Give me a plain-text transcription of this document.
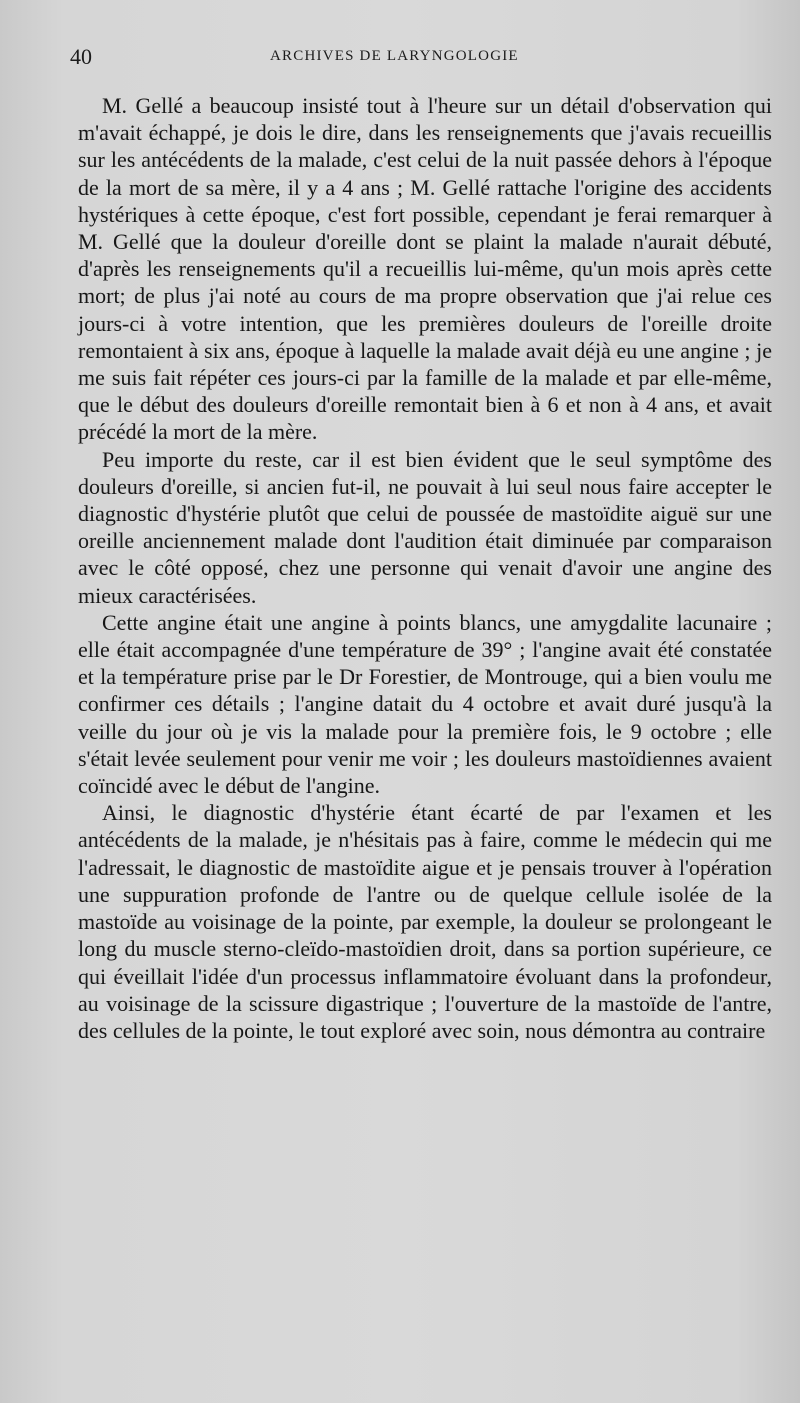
40	ARCHIVES DE LARYNGOLOGIE

M. Gellé a beaucoup insisté tout à l'heure sur un détail d'observation qui m'avait échappé, je dois le dire, dans les renseignements que j'avais recueillis sur les antécédents de la malade, c'est celui de la nuit passée dehors à l'époque de la mort de sa mère, il y a 4 ans ; M. Gellé rattache l'origine des accidents hystériques à cette époque, c'est fort possible, cependant je ferai remarquer à M. Gellé que la douleur d'oreille dont se plaint la malade n'aurait débuté, d'après les renseignements qu'il a recueillis lui-même, qu'un mois après cette mort; de plus j'ai noté au cours de ma propre observation que j'ai relue ces jours-ci à votre intention, que les premières douleurs de l'oreille droite remontaient à six ans, époque à laquelle la malade avait déjà eu une angine ; je me suis fait répéter ces jours-ci par la famille de la malade et par elle-même, que le début des douleurs d'oreille remontait bien à 6 et non à 4 ans, et avait précédé la mort de la mère.

Peu importe du reste, car il est bien évident que le seul symptôme des douleurs d'oreille, si ancien fut-il, ne pouvait à lui seul nous faire accepter le diagnostic d'hystérie plutôt que celui de poussée de mastoïdite aiguë sur une oreille anciennement malade dont l'audition était diminuée par comparaison avec le côté opposé, chez une personne qui venait d'avoir une angine des mieux caractérisées.

Cette angine était une angine à points blancs, une amygdalite lacunaire ; elle était accompagnée d'une température de 39° ; l'angine avait été constatée et la température prise par le Dr Forestier, de Montrouge, qui a bien voulu me confirmer ces détails ; l'angine datait du 4 octobre et avait duré jusqu'à la veille du jour où je vis la malade pour la première fois, le 9 octobre ; elle s'était levée seulement pour venir me voir ; les douleurs mastoïdiennes avaient coïncidé avec le début de l'angine.

Ainsi, le diagnostic d'hystérie étant écarté de par l'examen et les antécédents de la malade, je n'hésitais pas à faire, comme le médecin qui me l'adressait, le diagnostic de mastoïdite aigue et je pensais trouver à l'opération une suppuration profonde de l'antre ou de quelque cellule isolée de la mastoïde au voisinage de la pointe, par exemple, la douleur se prolongeant le long du muscle sterno-cleïdo-mastoïdien droit, dans sa portion supérieure, ce qui éveillait l'idée d'un processus inflammatoire évoluant dans la profondeur, au voisinage de la scissure digastrique ; l'ouverture de la mastoïde de l'antre, des cellules de la pointe, le tout exploré avec soin, nous démontra au contraire
